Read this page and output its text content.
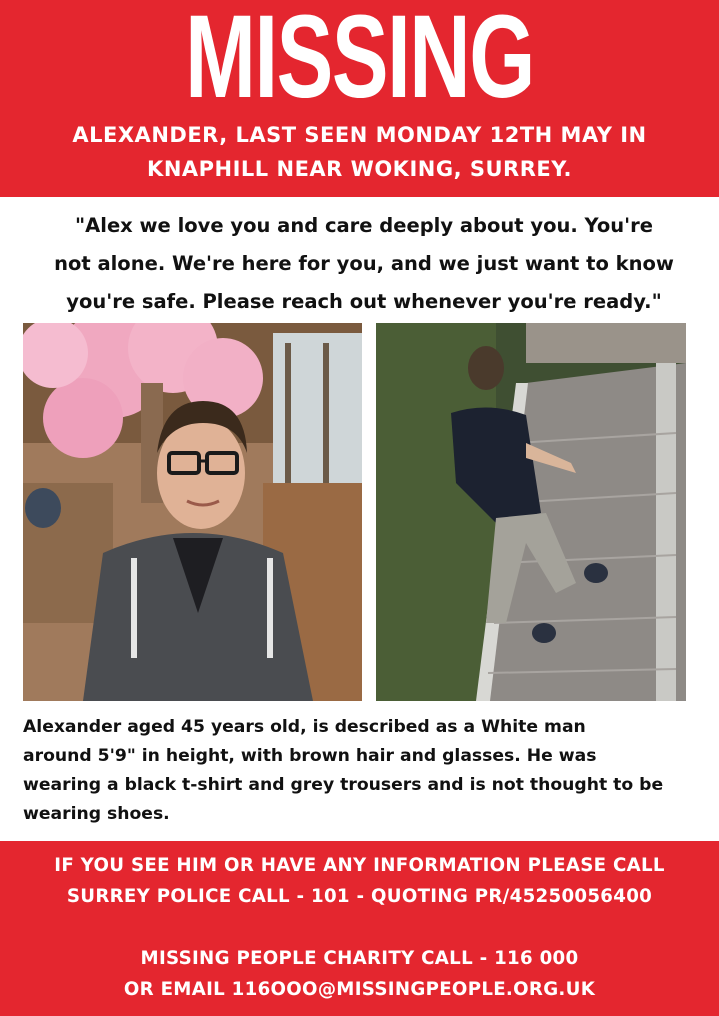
MISSING
ALEXANDER, LAST SEEN MONDAY 12TH MAY IN
KNAPHILL NEAR WOKING, SURREY.
"Alex we love you and care deeply about you. You're
not alone. We're here for you, and we just want to know
you're safe. Please reach out whenever you're ready."
Alexander aged 45 years old, is described as a White man
around 5'9" in height, with brown hair and glasses. He was
wearing a black t-shirt and grey trousers and is not thought to be
wearing shoes.
IF YOU SEE HIM OR HAVE ANY INFORMATION PLEASE CALL
SURREY POLICE CALL - 101 - QUOTING PR/45250056400
MISSING PEOPLE CHARITY CALL - 116 000
OR EMAIL 116OOO@MISSINGPEOPLE.ORG.UK
